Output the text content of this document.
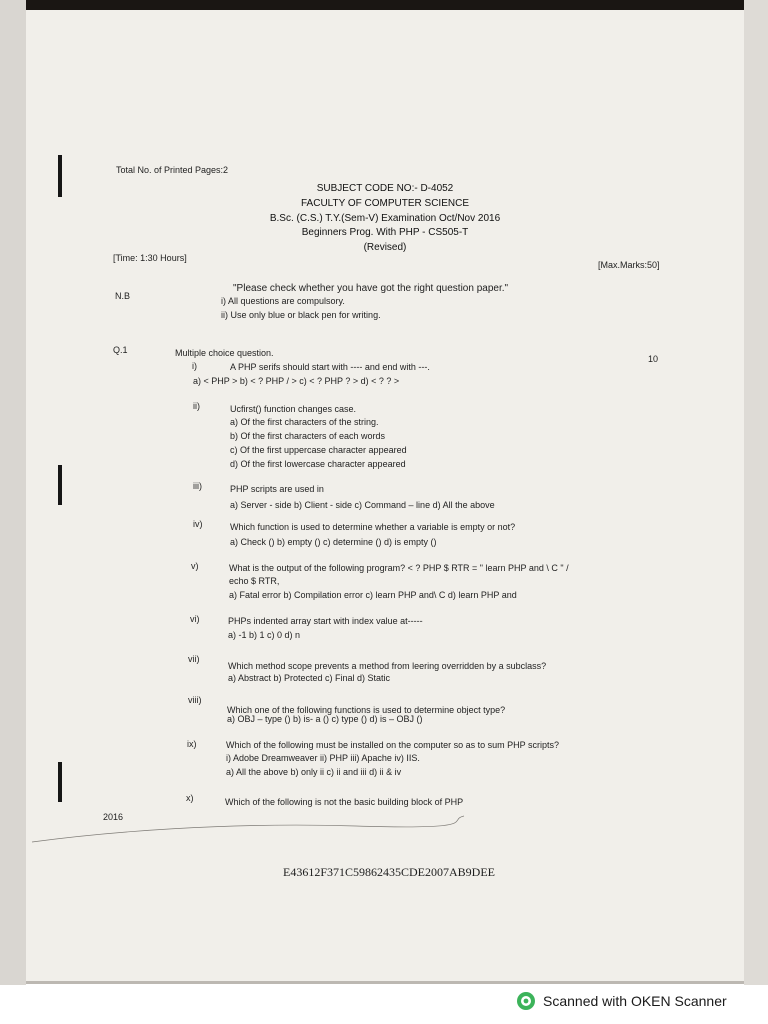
Total No. of Printed Pages:2
SUBJECT CODE NO:- D-4052
FACULTY OF COMPUTER SCIENCE
B.Sc. (C.S.) T.Y.(Sem-V) Examination Oct/Nov 2016
Beginners Prog. With PHP - CS505-T
(Revised)
[Time: 1:30 Hours]
[Max.Marks:50]
N.B
"Please check whether you have got the right question paper."
i) All questions are compulsory.
ii) Use only blue or black pen for writing.
Q.1	Multiple choice question.
10
i)	A PHP serifs should start with ---- and end with ---.
a) < PHP > b) < ? PHP / > c) < ? PHP ? > d) < ? ? >
ii)	Ucfirst() function changes case.
a) Of the first characters of the string.
b) Of the first characters of each words
c) Of the first uppercase character appeared
d) Of the first lowercase character appeared
iii)	PHP scripts are used in
a) Server - side b) Client - side c) Command – line d) All the above
iv)	Which function is used to determine whether a variable is empty or not?
a) Check () b) empty () c) determine () d) is empty ()
v)	What is the output of the following program? < ? PHP $ RTR = " learn PHP and \ C " /
echo $ RTR,
a) Fatal error b) Compilation error c) learn PHP and\ C d) learn PHP and
vi)	PHPs indented array start with index value at-----
a) -1 b) 1 c) 0 d) n
vii)
Which method scope prevents a method from leering overridden by a subclass?
a) Abstract b) Protected c) Final d) Static
viii)
Which one of the following functions is used to determine object type?
a) OBJ – type () b) is- a () c) type () d) is – OBJ ()
ix)	Which of the following must be installed on the computer so as to sum PHP scripts?
i) Adobe Dreamweaver ii) PHP iii) Apache iv) IIS.
a) All the above b) only ii c) ii and iii d) ii & iv
x)	Which of the following is not the basic building block of PHP
2016
E43612F371C59862435CDE2007AB9DEE
Scanned with OKEN Scanner
